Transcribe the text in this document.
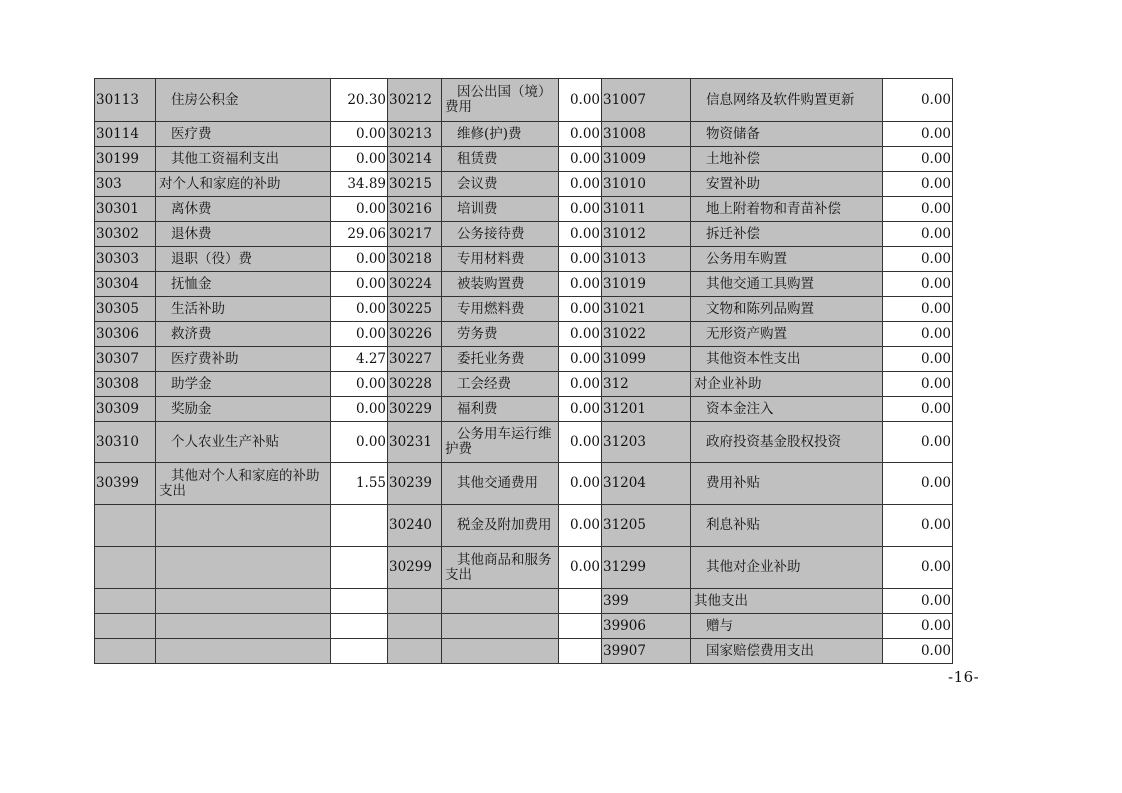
30113	住房公积金	20.30	30212	因公出国（境）费用	0.00	31007	信息网络及软件购置更新	0.00
30114	医疗费	0.00	30213	维修(护)费	0.00	31008	物资储备	0.00
30199	其他工资福利支出	0.00	30214	租赁费	0.00	31009	土地补偿	0.00
303	对个人和家庭的补助	34.89	30215	会议费	0.00	31010	安置补助	0.00
30301	离休费	0.00	30216	培训费	0.00	31011	地上附着物和青苗补偿	0.00
30302	退休费	29.06	30217	公务接待费	0.00	31012	拆迁补偿	0.00
30303	退职（役）费	0.00	30218	专用材料费	0.00	31013	公务用车购置	0.00
30304	抚恤金	0.00	30224	被装购置费	0.00	31019	其他交通工具购置	0.00
30305	生活补助	0.00	30225	专用燃料费	0.00	31021	文物和陈列品购置	0.00
30306	救济费	0.00	30226	劳务费	0.00	31022	无形资产购置	0.00
30307	医疗费补助	4.27	30227	委托业务费	0.00	31099	其他资本性支出	0.00
30308	助学金	0.00	30228	工会经费	0.00	312	对企业补助	0.00
30309	奖励金	0.00	30229	福利费	0.00	31201	资本金注入	0.00
30310	个人农业生产补贴	0.00	30231	公务用车运行维护费	0.00	31203	政府投资基金股权投资	0.00
30399	其他对个人和家庭的补助支出	1.55	30239	其他交通费用	0.00	31204	费用补贴	0.00
			30240	税金及附加费用	0.00	31205	利息补贴	0.00
			30299	其他商品和服务支出	0.00	31299	其他对企业补助	0.00
						399	其他支出	0.00
						39906	赠与	0.00
						39907	国家赔偿费用支出	0.00
-16-
